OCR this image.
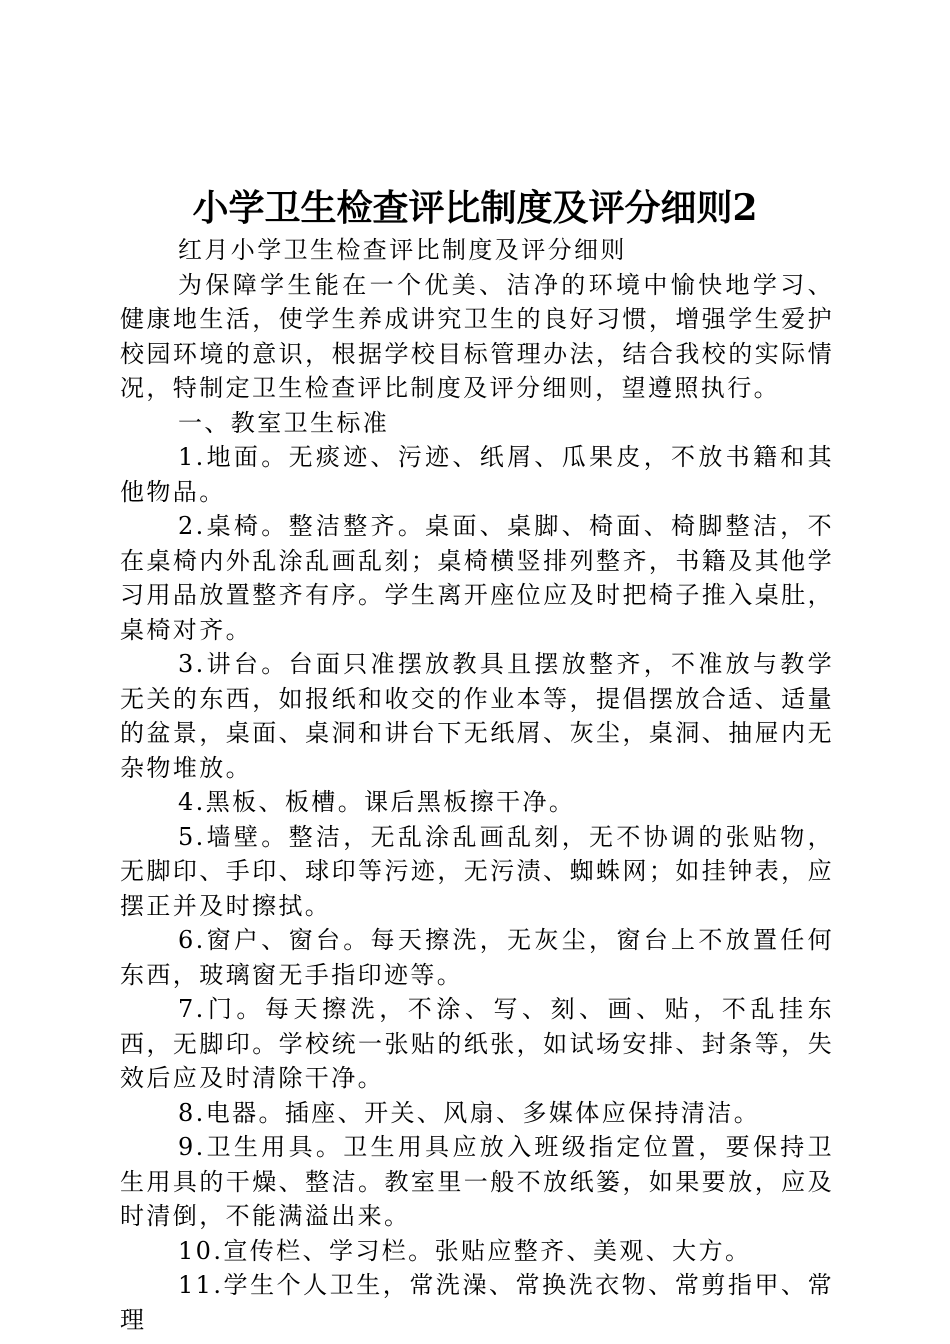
小学卫生检查评比制度及评分细则2

红月小学卫生检查评比制度及评分细则

为保障学生能在一个优美、洁净的环境中愉快地学习、健康地生活，使学生养成讲究卫生的良好习惯，增强学生爱护校园环境的意识，根据学校目标管理办法，结合我校的实际情况，特制定卫生检查评比制度及评分细则，望遵照执行。

一、教室卫生标准

1.地面。无痰迹、污迹、纸屑、瓜果皮，不放书籍和其他物品。

2.桌椅。整洁整齐。桌面、桌脚、椅面、椅脚整洁，不在桌椅内外乱涂乱画乱刻；桌椅横竖排列整齐，书籍及其他学习用品放置整齐有序。学生离开座位应及时把椅子推入桌肚，桌椅对齐。

3.讲台。台面只准摆放教具且摆放整齐，不准放与教学无关的东西，如报纸和收交的作业本等，提倡摆放合适、适量的盆景，桌面、桌洞和讲台下无纸屑、灰尘，桌洞、抽屉内无杂物堆放。

4.黑板、板槽。课后黑板擦干净。

5.墙壁。整洁，无乱涂乱画乱刻，无不协调的张贴物，无脚印、手印、球印等污迹，无污渍、蜘蛛网；如挂钟表，应摆正并及时擦拭。

6.窗户、窗台。每天擦洗，无灰尘，窗台上不放置任何东西，玻璃窗无手指印迹等。

7.门。每天擦洗，不涂、写、刻、画、贴，不乱挂东西，无脚印。学校统一张贴的纸张，如试场安排、封条等，失效后应及时清除干净。

8.电器。插座、开关、风扇、多媒体应保持清洁。

9.卫生用具。卫生用具应放入班级指定位置，要保持卫生用具的干燥、整洁。教室里一般不放纸篓，如果要放，应及时清倒，不能满溢出来。

10.宣传栏、学习栏。张贴应整齐、美观、大方。

11.学生个人卫生，常洗澡、常换洗衣物、常剪指甲、常理
